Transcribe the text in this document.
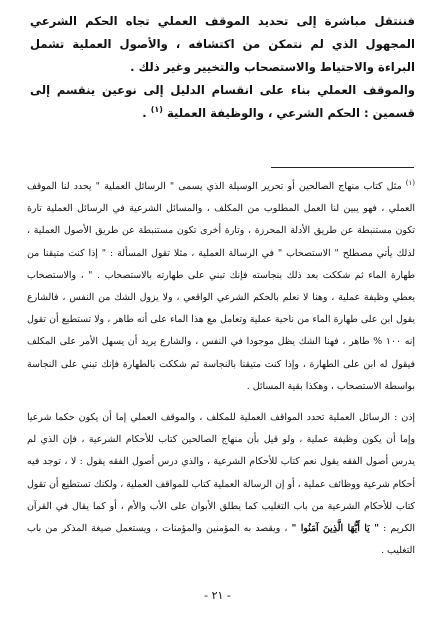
فننتقل مباشرة إلى تحديد الموقف العملي تجاه الحكم الشرعي المجهول الذي لم نتمكن من اكتشافه ، والأصول العملية تشمل البراءة والاحتياط والاستصحاب والتخيير وغير ذلك .

والموقف العملي بناء على انقسام الدليل إلى نوعين ينقسم إلى قسمين : الحكم الشرعي ، والوظيفة العملية $^{(١)}$ .

$^{(١)}$ مثل كتاب منهاج الصالحين أو تحرير الوسيلة الذي يسمى " الرسائل العملية " يحدد لنا الموقف العملي ، فهو يبين لنا العمل المطلوب من المكلف ، والمسائل الشرعية في الرسائل العملية تارة تكون مستنبطة عن طريق الأدلة المحرزة ، وتارة أخرى تكون مستنبطة عن طريق الأصول العملية ، لذلك يأتي مصطلح " الاستصحاب " في الرسالة العملية ، مثلا تقول المسألة : " إذا كنت متيقنا من طهارة الماء ثم شككت بعد ذلك بنجاسته فإنك تبني على طهارته بالاستصحاب . " ، والاستصحاب يعطي وظيفة عملية ، وهنا لا نعلم بالحكم الشرعي الواقعي ، ولا يزول الشك من النفس ، فالشارع يقول ابن على طهارة الماء من ناحية عملية وتعامل مع هذا الماء على أنه طاهر ، ولا تستطيع أن تقول إنه ١٠٠ % طاهر ، فهنا الشك يظل موجودا في النفس ، والشارع يريد أن يسهل الأمر على المكلف فيقول له ابن على الطهارة ، وإذا كنت متيقنا بالنجاسة ثم شككت بالطهارة فإنك تبني على النجاسة بواسطة الاستصحاب ، وهكذا بقية المسائل .

إذن : الرسائل العملية تحدد المواقف العملية للمكلف ، والموقف العملي إما أن يكون حكما شرعيا وإما أن يكون وظيفة عملية ، ولو قيل بأن منهاج الصالحين كتاب للأحكام الشرعية ، فإن الذي لم يدرس أصول الفقه يقول نعم كتاب للأحكام الشرعية ، والذي درس أصول الفقه يقول : لا ، توجد فيه أحكام شرعية ووظائف عملية ، أو إن الرسالة العملية كتاب للمواقف العملية ، ولكنك تستطيع أن تقول كتاب للأحكام الشرعية من باب التغليب كما يطلق الأبوان على الأب والأم ، أو كما يقال في القرآن الكريم : " يَا أَيُّهَا الَّذِينَ آمَنُوا " ، ويقصد به المؤمنين والمؤمنات ، ويستعمل صيغة المذكر من باب التغليب .

- ٢١ -
